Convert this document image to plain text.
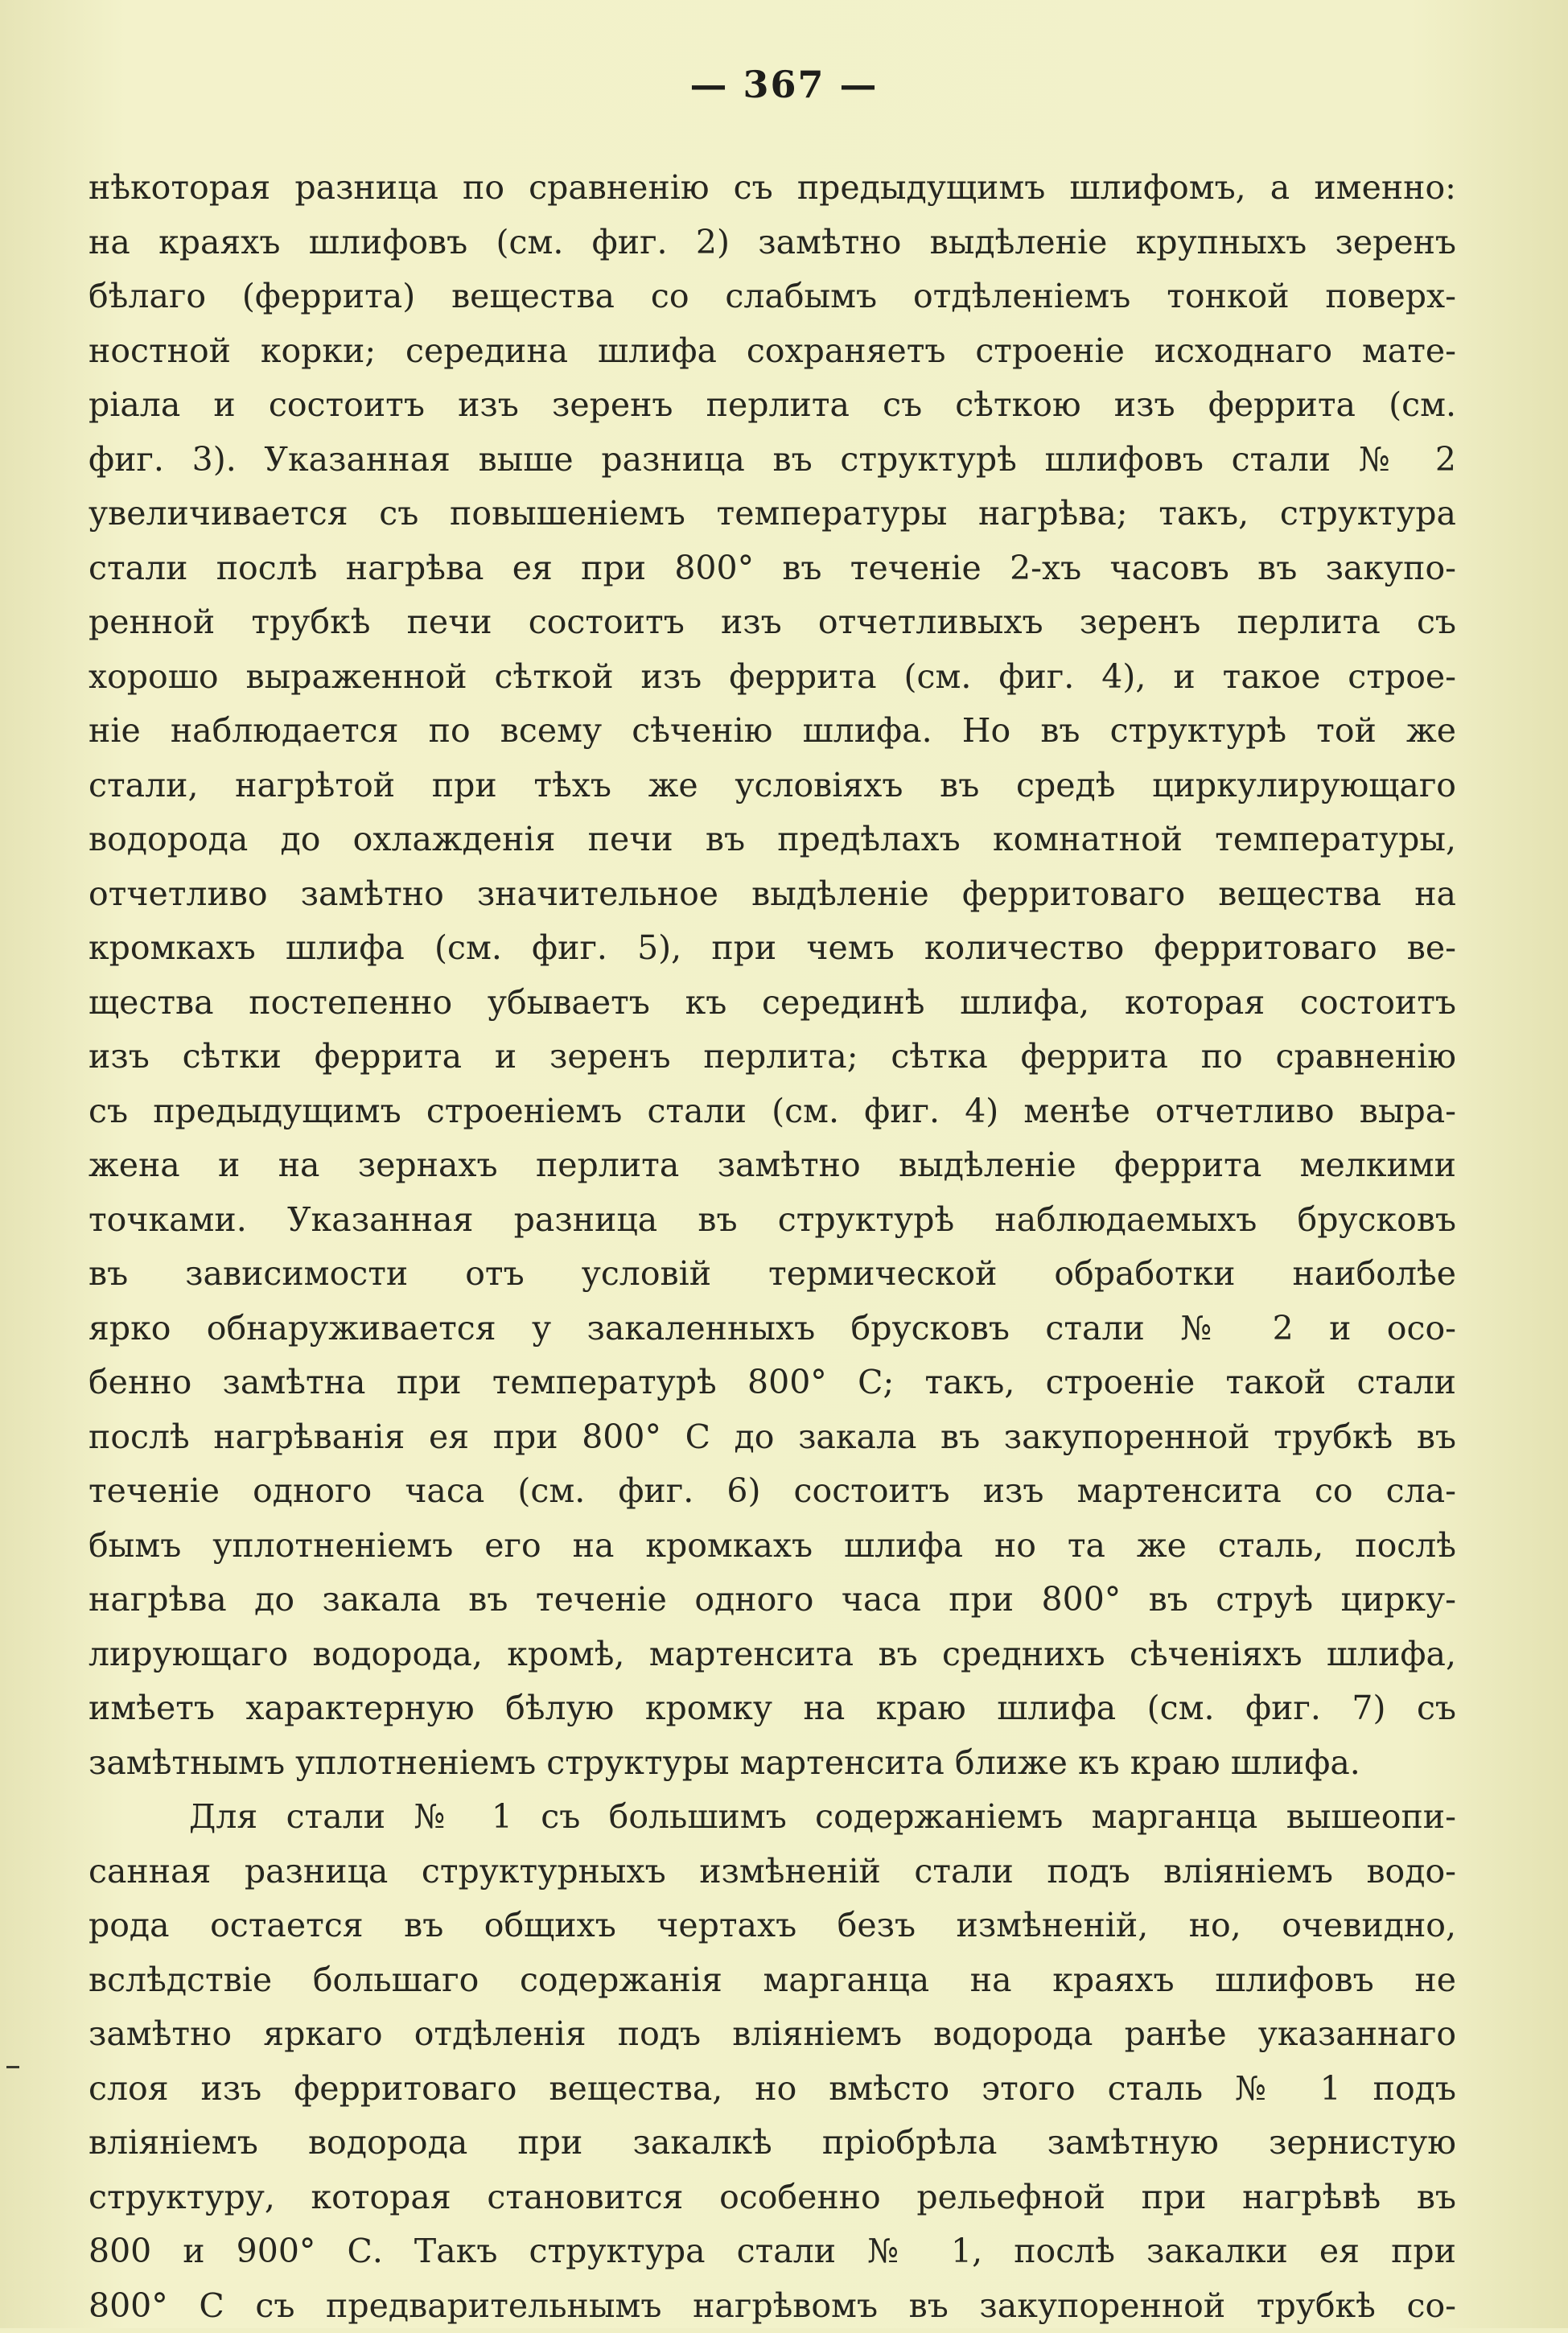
— 367 —
нѣкоторая разница по сравненію съ предыдущимъ шлифомъ, а именно:
на краяхъ шлифовъ (см. фиг. 2) замѣтно выдѣленіе крупныхъ зеренъ
бѣлаго (феррита) вещества со слабымъ отдѣленіемъ тонкой поверх-
ностной корки; середина шлифа сохраняетъ строеніе исходнаго мате-
ріала и состоитъ изъ зеренъ перлита съ сѣткою изъ феррита (см.
фиг. 3). Указанная выше разница въ структурѣ шлифовъ стали № 2
увеличивается съ повышеніемъ температуры нагрѣва; такъ, структура
стали послѣ нагрѣва ея при 800° въ теченіе 2-хъ часовъ въ закупо-
ренной трубкѣ печи состоитъ изъ отчетливыхъ зеренъ перлита съ
хорошо выраженной сѣткой изъ феррита (см. фиг. 4), и такое строе-
ніе наблюдается по всему сѣченію шлифа. Но въ структурѣ той же
стали, нагрѣтой при тѣхъ же условіяхъ въ средѣ циркулирующаго
водорода до охлажденія печи въ предѣлахъ комнатной температуры,
отчетливо замѣтно значительное выдѣленіе ферритоваго вещества на
кромкахъ шлифа (см. фиг. 5), при чемъ количество ферритоваго ве-
щества постепенно убываетъ къ серединѣ шлифа, которая состоитъ
изъ сѣтки феррита и зеренъ перлита; сѣтка феррита по сравненію
съ предыдущимъ строеніемъ стали (см. фиг. 4) менѣе отчетливо выра-
жена и на зернахъ перлита замѣтно выдѣленіе феррита мелкими
точками. Указанная разница въ структурѣ наблюдаемыхъ брусковъ
въ зависимости отъ условій термической обработки наиболѣе
ярко обнаруживается у закаленныхъ брусковъ стали № 2 и осо-
бенно замѣтна при температурѣ 800° С; такъ, строеніе такой стали
послѣ нагрѣванія ея при 800° С до закала въ закупоренной трубкѣ въ
теченіе одного часа (см. фиг. 6) состоитъ изъ мартенсита со сла-
бымъ уплотненіемъ его на кромкахъ шлифа но та же сталь, послѣ
нагрѣва до закала въ теченіе одного часа при 800° въ струѣ цирку-
лирующаго водорода, кромѣ, мартенсита въ среднихъ сѣченіяхъ шлифа,
имѣетъ характерную бѣлую кромку на краю шлифа (см. фиг. 7) съ
замѣтнымъ уплотненіемъ структуры мартенсита ближе къ краю шлифа.
Для стали № 1 съ большимъ содержаніемъ марганца вышеопи-
санная разница структурныхъ измѣненій стали подъ вліяніемъ водо-
рода остается въ общихъ чертахъ безъ измѣненій, но, очевидно,
вслѣдствіе большаго содержанія марганца на краяхъ шлифовъ не
замѣтно яркаго отдѣленія подъ вліяніемъ водорода ранѣе указаннаго
слоя изъ ферритоваго вещества, но вмѣсто этого сталь № 1 подъ
вліяніемъ водорода при закалкѣ пріобрѣла замѣтную зернистую
структуру, которая становится особенно рельефной при нагрѣвѣ въ
800 и 900° С. Такъ структура стали № 1, послѣ закалки ея при
800° С съ предварительнымъ нагрѣвомъ въ закупоренной трубкѣ со-
